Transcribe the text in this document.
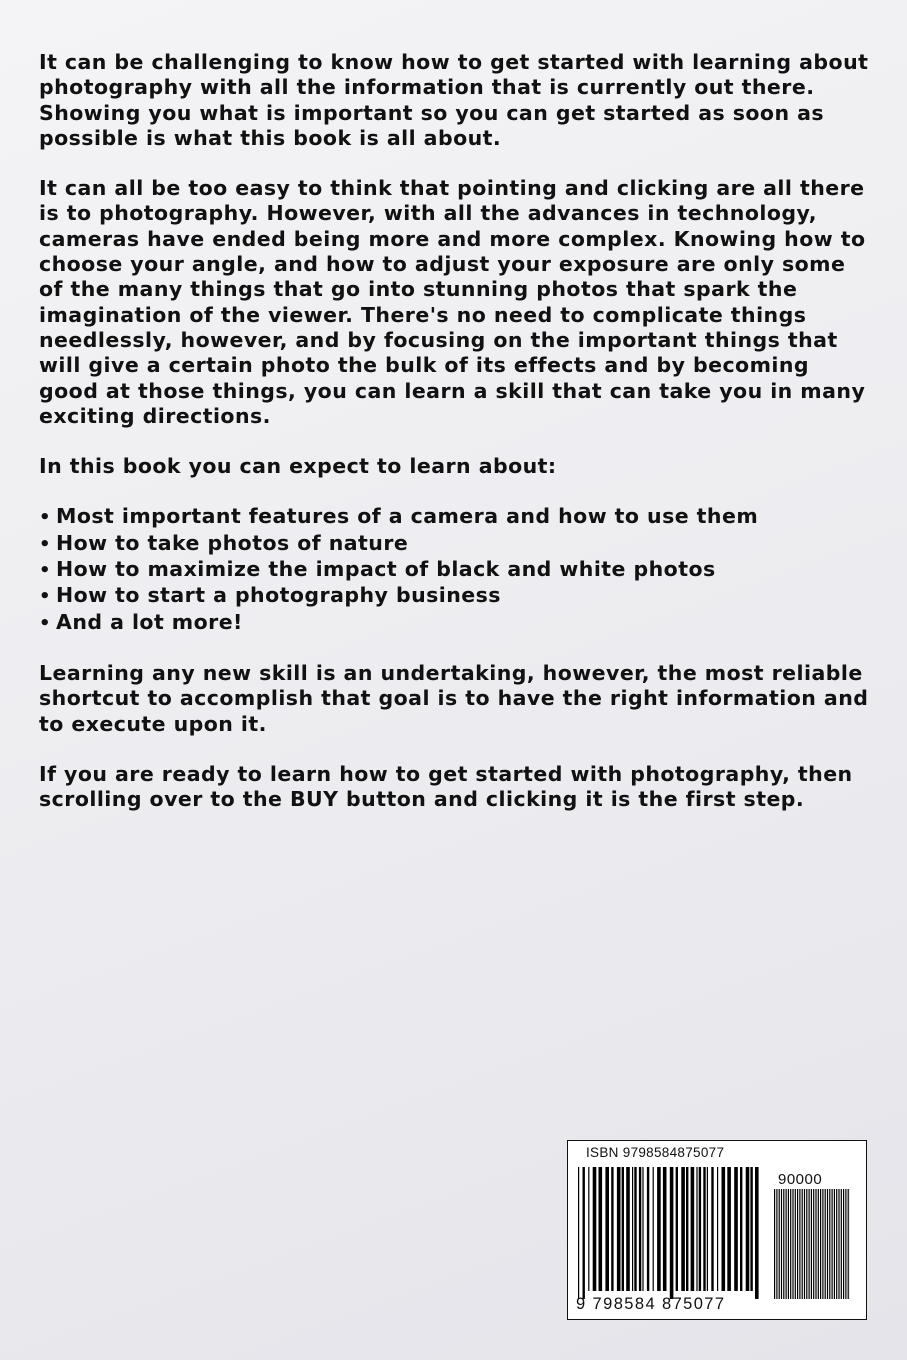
It can be challenging to know how to get started with learning about photography with all the information that is currently out there. Showing you what is important so you can get started as soon as possible is what this book is all about.

It can all be too easy to think that pointing and clicking are all there is to photography. However, with all the advances in technology, cameras have ended being more and more complex. Knowing how to choose your angle, and how to adjust your exposure are only some of the many things that go into stunning photos that spark the imagination of the viewer. There's no need to complicate things needlessly, however, and by focusing on the important things that will give a certain photo the bulk of its effects and by becoming good at those things, you can learn a skill that can take you in many exciting directions.

In this book you can expect to learn about:

• Most important features of a camera and how to use them
• How to take photos of nature
• How to maximize the impact of black and white photos
• How to start a photography business
• And a lot more!

Learning any new skill is an undertaking, however, the most reliable shortcut to accomplish that goal is to have the right information and to execute upon it.

If you are ready to learn how to get started with photography, then scrolling over to the BUY button and clicking it is the first step.

ISBN 9798584875077
90000
9 798584 875077
